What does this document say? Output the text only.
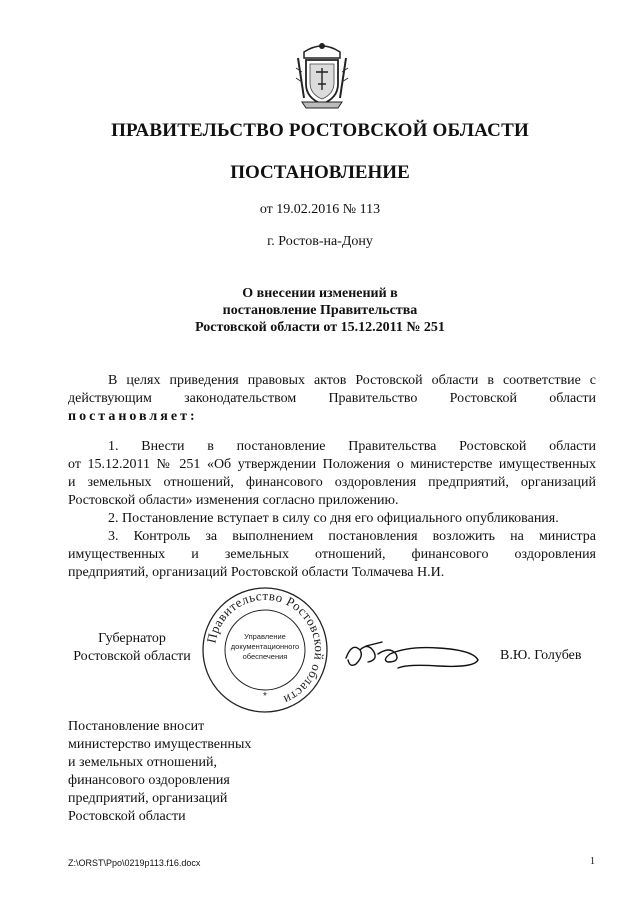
ПРАВИТЕЛЬСТВО РОСТОВСКОЙ ОБЛАСТИ
ПОСТАНОВЛЕНИЕ
от 19.02.2016 № 113
г. Ростов-на-Дону
О внесении изменений в
постановление Правительства
Ростовской области от 15.12.2011 № 251
В целях приведения правовых актов Ростовской области в соответствие с
действующим законодательством Правительство Ростовской области
постановляет:
1. Внести в постановление Правительства Ростовской области
от 15.12.2011 № 251 «Об утверждении Положения о министерстве имущественных
и земельных отношений, финансового оздоровления предприятий, организаций
Ростовской области» изменения согласно приложению.
2. Постановление вступает в силу со дня его официального опубликования.
3. Контроль за выполнением постановления возложить на министра
имущественных и земельных отношений, финансового оздоровления
предприятий, организаций Ростовской области Толмачева Н.И.
Губернатор
Ростовской области
Правительство Ростовской области
Управление
документационного
обеспечения
*
В.Ю. Голубев
Постановление вносит
министерство имущественных
и земельных отношений,
финансового оздоровления
предприятий, организаций
Ростовской области
Z:\ORST\Ppo\0219p113.f16.docx	1
